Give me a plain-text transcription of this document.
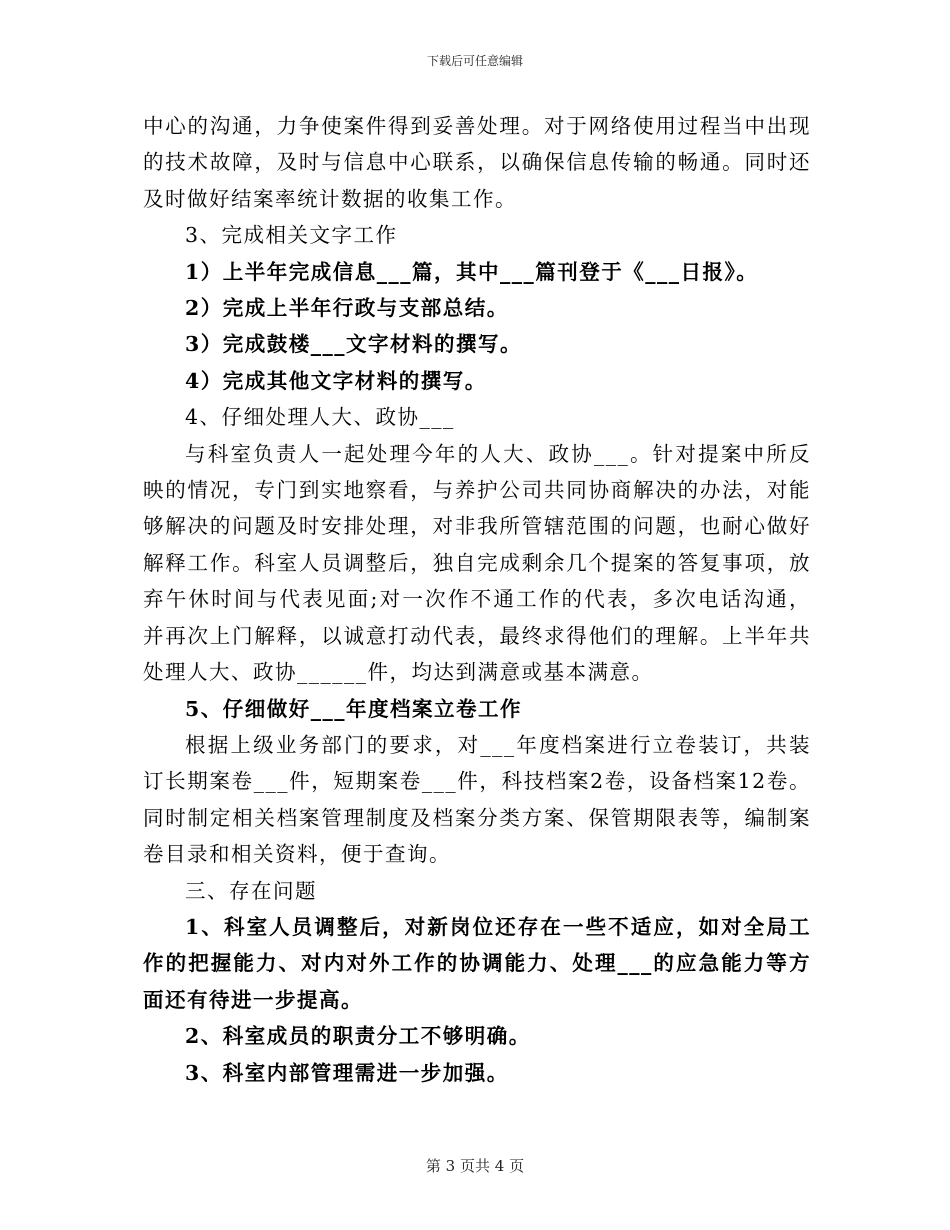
下载后可任意编辑

中心的沟通，力争使案件得到妥善处理。对于网络使用过程当中出现的技术故障，及时与信息中心联系，以确保信息传输的畅通。同时还及时做好结案率统计数据的收集工作。

3、完成相关文字工作

1）上半年完成信息___篇，其中___篇刊登于《___日报》。

2）完成上半年行政与支部总结。

3）完成鼓楼___文字材料的撰写。

4）完成其他文字材料的撰写。

4、仔细处理人大、政协___

与科室负责人一起处理今年的人大、政协___。针对提案中所反映的情况，专门到实地察看，与养护公司共同协商解决的办法，对能够解决的问题及时安排处理，对非我所管辖范围的问题，也耐心做好解释工作。科室人员调整后，独自完成剩余几个提案的答复事项，放弃午休时间与代表见面;对一次作不通工作的代表，多次电话沟通，并再次上门解释，以诚意打动代表，最终求得他们的理解。上半年共处理人大、政协______件，均达到满意或基本满意。

5、仔细做好___年度档案立卷工作

根据上级业务部门的要求，对___年度档案进行立卷装订，共装订长期案卷___件，短期案卷___件，科技档案2卷，设备档案12卷。同时制定相关档案管理制度及档案分类方案、保管期限表等，编制案卷目录和相关资料，便于查询。

三、存在问题

1、科室人员调整后，对新岗位还存在一些不适应，如对全局工作的把握能力、对内对外工作的协调能力、处理___的应急能力等方面还有待进一步提高。

2、科室成员的职责分工不够明确。

3、科室内部管理需进一步加强。

第 3 页共 4 页
